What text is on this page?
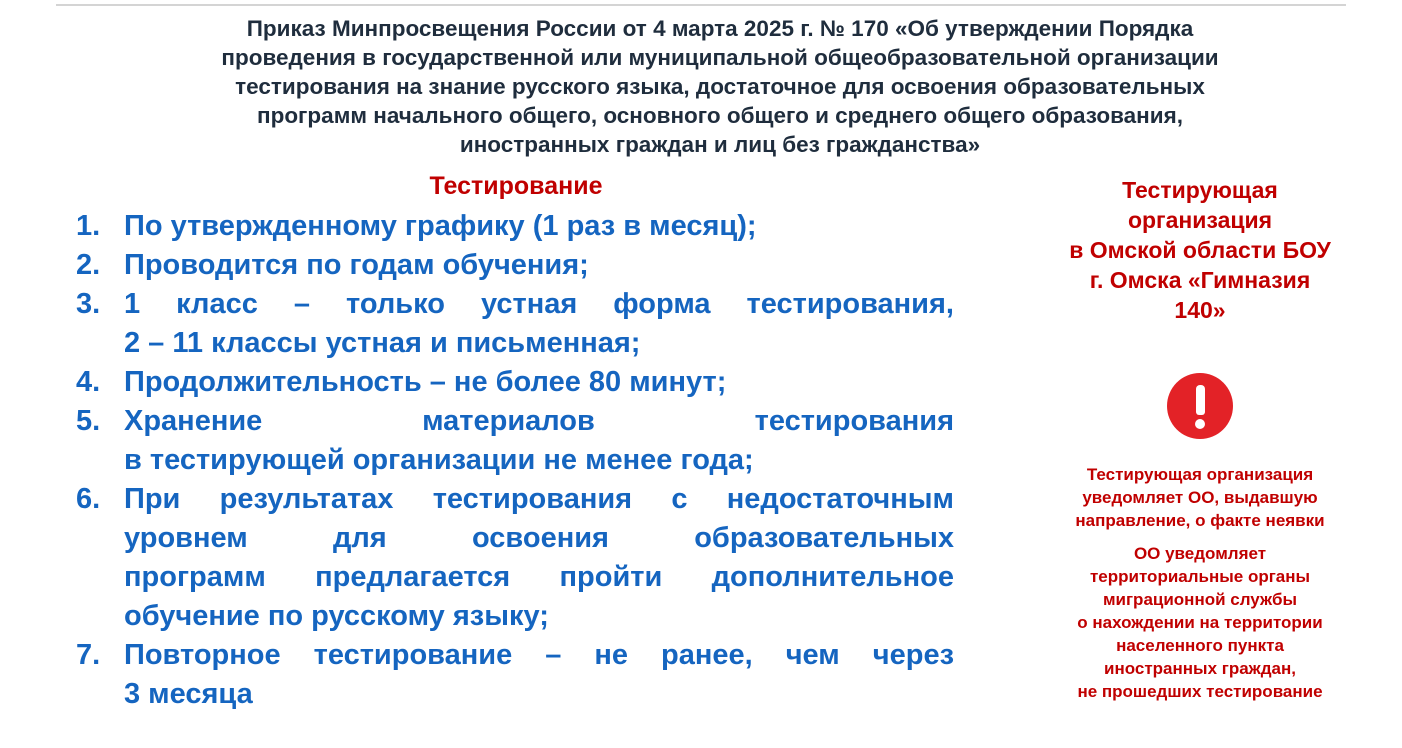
Приказ Минпросвещения России от 4 марта 2025 г. № 170 «Об утверждении Порядка
проведения в государственной или муниципальной общеобразовательной организации
тестирования на знание русского языка, достаточное для освоения образовательных
программ начального общего, основного общего и среднего общего образования,
иностранных граждан и лиц без гражданства»
Тестирование
1. По утвержденному графику (1 раз в месяц);
2. Проводится по годам обучения;
3. 1 класс – только устная форма тестирования,
2 – 11 классы устная и письменная;
4. Продолжительность – не более 80 минут;
5. Хранение материалов тестирования
в тестирующей организации не менее года;
6. При результатах тестирования с недостаточным
уровнем для освоения образовательных
программ предлагается пройти дополнительное
обучение по русскому языку;
7. Повторное тестирование – не ранее, чем через
3 месяца
Тестирующая
организация
в Омской области БОУ
г. Омска «Гимназия
140»

Тестирующая организация
уведомляет ОО, выдавшую
направление, о факте неявки

ОО уведомляет
территориальные органы
миграционной службы
о нахождении на территории
населенного пункта
иностранных граждан,
не прошедших тестирование
